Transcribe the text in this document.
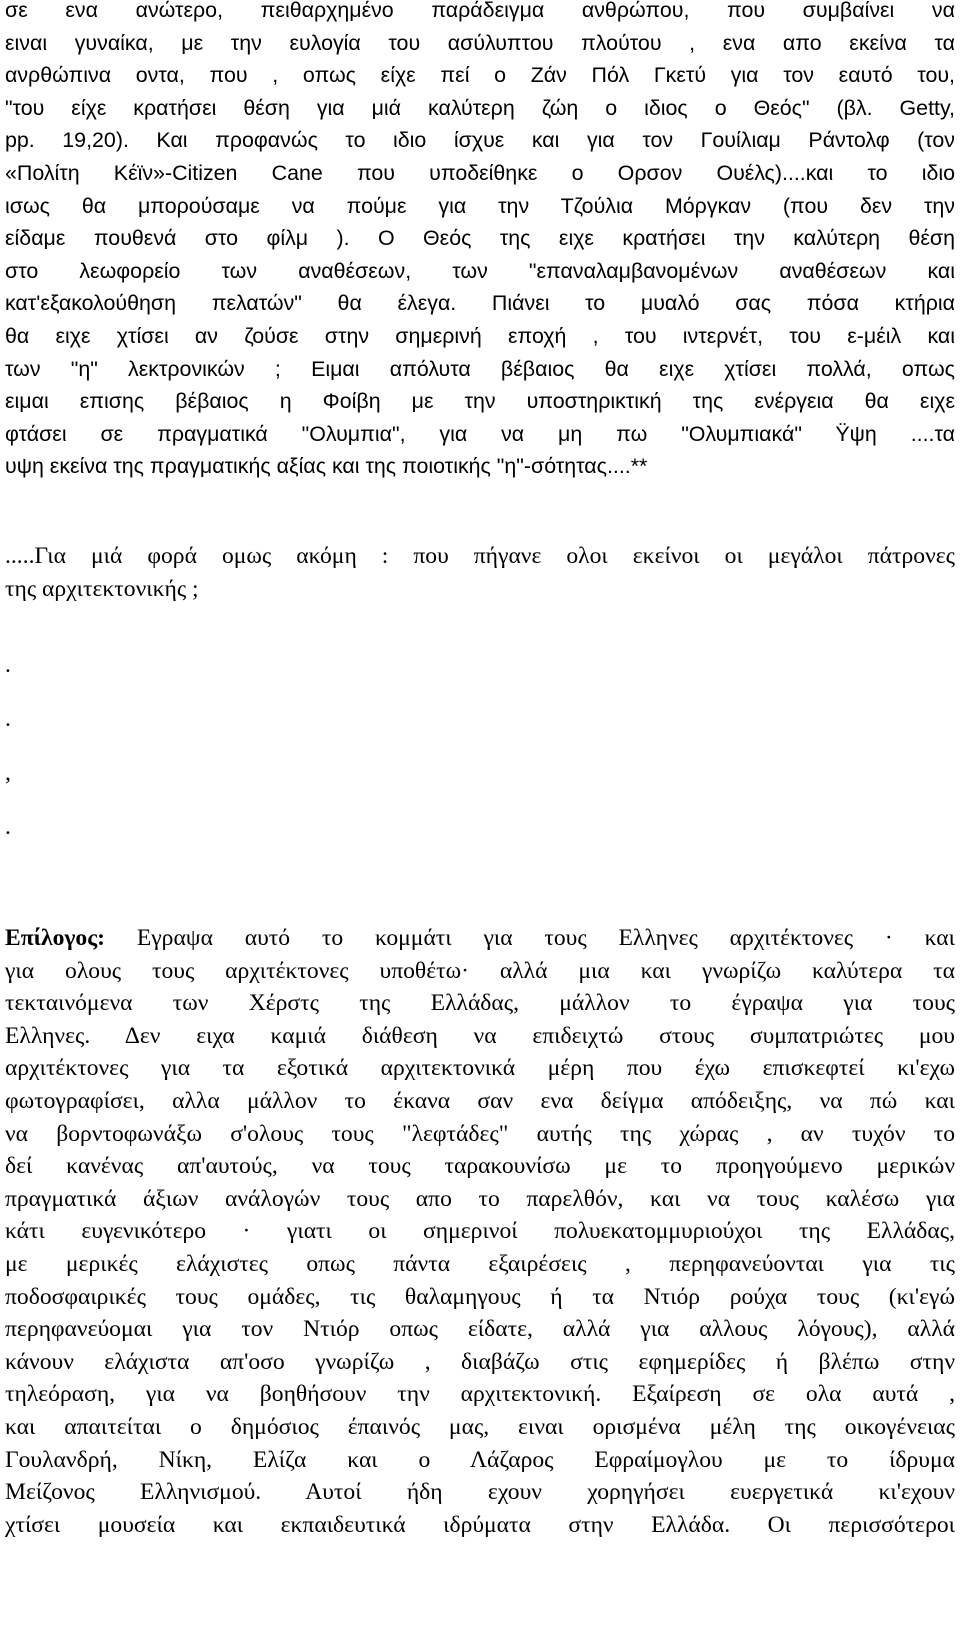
σε ενα ανώτερο, πειθαρχημένο παράδειγμα ανθρώπου, που συμβαίνει να
ειναι γυναίκα, με την ευλογία του ασύλυπτου πλούτου , ενα απο εκείνα τα
ανρθώπινα οντα, που , οπως είχε πεί ο Ζάν Πόλ Γκετύ για τον εαυτό του,
"του είχε κρατήσει θέση για μιά καλύτερη ζώη ο ιδιος ο Θεός" (βλ. Getty,
pp. 19,20). Και προφανώς το ιδιο ίσχυε και για τον Γουίλιαμ Ράντολφ (τον
«Πολίτη Κέϊν»-Citizen Cane που υποδείθηκε ο Ορσον Ουέλς)....και το ιδιο
ισως θα μπορούσαμε να πούμε για την Τζούλια Μόργκαν (που δεν την
είδαμε πουθενά στο φίλμ ). Ο Θεός της ειχε κρατήσει την καλύτερη θέση
στο λεωφορείο των αναθέσεων, των "επαναλαμβανομένων αναθέσεων και
κατ'εξακολούθηση πελατών" θα έλεγα. Πιάνει το μυαλό σας πόσα κτήρια
θα ειχε χτίσει αν ζούσε στην σημερινή εποχή , του ιντερνέτ, του ε-μέιλ και
των "η" λεκτρονικών ; Ειμαι απόλυτα βέβαιος θα ειχε χτίσει πολλά, οπως
ειμαι επισης βέβαιος η Φοίβη με την υποστηρικτική της ενέργεια θα ειχε
φτάσει σε πραγματικά "Ολυμπια", για να μη πω "Ολυμπιακά" Ϋψη ....τα
υψη εκείνα της πραγματικής αξίας και της ποιοτικής "η"-σότητας....**
.....Για μιά φορά ομως ακόμη : που πήγανε ολοι εκείνοι οι μεγάλοι πάτρονες
της αρχιτεκτονικής ;
.
.
,
.
Επίλογος: Εγραψα αυτό το κομμάτι για τους Ελληνες αρχιτέκτονες · και
για ολους τους αρχιτέκτονες υποθέτω· αλλά μια και γνωρίζω καλύτερα τα
τεκταινόμενα των Χέρστς της Ελλάδας, μάλλον το έγραψα για τους
Ελληνες. Δεν ειχα καμιά διάθεση να επιδειχτώ στους συμπατριώτες μου
αρχιτέκτονες για τα εξοτικά αρχιτεκτονικά μέρη που έχω επισκεφτεί κι'εχω
φωτογραφίσει, αλλα μάλλον το έκανα σαν ενα δείγμα απόδειξης, να πώ και
να βορντοφωνάξω σ'ολους τους "λεφτάδες" αυτής της χώρας , αν τυχόν το
δεί κανένας απ'αυτούς, να τους ταρακουνίσω με το προηγούμενο μερικών
πραγματικά άξιων ανάλογών τους απο το παρελθόν, και να τους καλέσω για
κάτι ευγενικότερο · γιατι οι σημερινοί πολυεκατομμυριούχοι της Ελλάδας,
με μερικές ελάχιστες οπως πάντα εξαιρέσεις , περηφανεύονται για τις
ποδοσφαιρικές τους ομάδες, τις θαλαμηγους ή τα Ντιόρ ρούχα τους (κι'εγώ
περηφανεύομαι για τον Ντιόρ οπως είδατε, αλλά για αλλους λόγους), αλλά
κάνουν ελάχιστα απ'οσο γνωρίζω , διαβάζω στις εφημερίδες ή βλέπω στην
τηλεόραση, για να βοηθήσουν την αρχιτεκτονική. Εξαίρεση σε ολα αυτά ,
και απαιτείται ο δημόσιος έπαινός μας, ειναι ορισμένα μέλη της οικογένειας
Γουλανδρή, Νίκη, Ελίζα και ο Λάζαρος Εφραίμογλου με το ίδρυμα
Μείζονος Ελληνισμού. Αυτοί ήδη εχουν χορηγήσει ευεργετικά κι'εχουν
χτίσει μουσεία και εκπαιδευτικά ιδρύματα στην Ελλάδα. Οι περισσότεροι
